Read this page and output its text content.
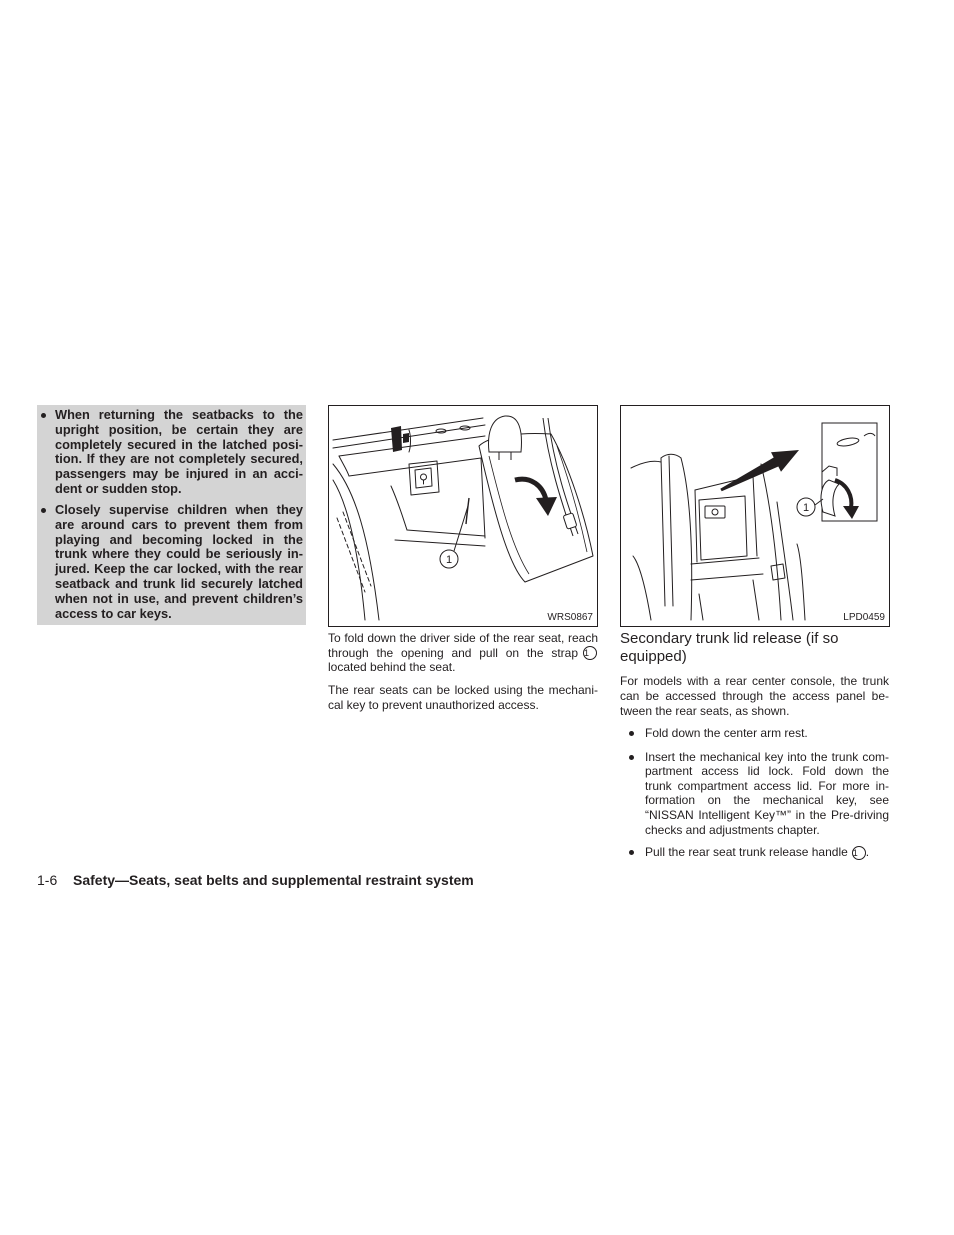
When returning the seatbacks to the
upright position, be certain they are
completely secured in the latched posi-
tion. If they are not completely secured,
passengers may be injured in an acci-
dent or sudden stop.
Closely supervise children when they
are around cars to prevent them from
playing and becoming locked in the
trunk where they could be seriously in-
jured. Keep the car locked, with the rear
seatback and trunk lid securely latched
when not in use, and prevent children’s
access to car keys.
1
WRS0867
To fold down the driver side of the rear seat, reach
through the opening and pull on the strap 1
located behind the seat.
The rear seats can be locked using the mechani-
cal key to prevent unauthorized access.
1
LPD0459
Secondary trunk lid release (if so
equipped)
For models with a rear center console, the trunk
can be accessed through the access panel be-
tween the rear seats, as shown.
Fold down the center arm rest.
Insert the mechanical key into the trunk com-
partment access lid lock. Fold down the
trunk compartment access lid. For more in-
formation on the mechanical key, see
“NISSAN Intelligent Key™” in the Pre-driving
checks and adjustments chapter.
Pull the rear seat trunk release handle 1 .
1-6 Safety—Seats, seat belts and supplemental restraint system
